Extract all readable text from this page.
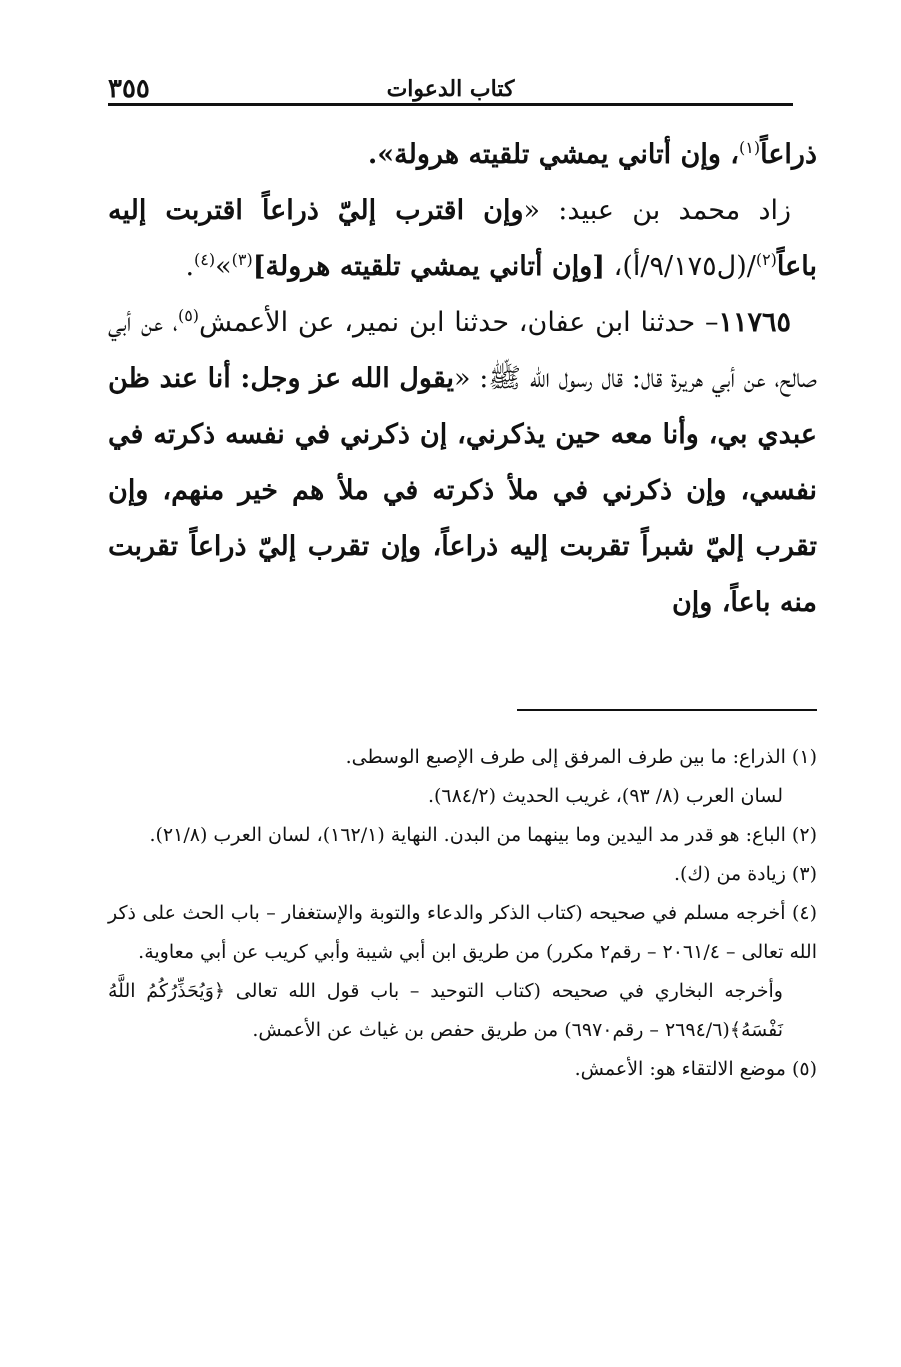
كتاب الدعوات
٣٥٥

ذراعاً$^{(١)}$، وإن أتاني يمشي تلقيته هرولة».

زاد محمد بن عبيد: «وإن اقترب إليّ ذراعاً اقتربت إليه باعاً$^{(٢)}$/(ل٩/١٧٥/أ)، [وإن أتاني يمشي تلقيته هرولة]$^{(٣)}$»$^{(٤)}$.

١١٧٦٥– حدثنا ابن عفان، حدثنا ابن نمير، عن الأعمش$^{(٥)}$، عن أبي صالح، عن أبي هريرة قال: قال رسول الله ﷺ: «يقول الله عز وجل: أنا عند ظن عبدي بي، وأنا معه حين يذكرني، إن ذكرني في نفسه ذكرته في نفسي، وإن ذكرني في ملأ ذكرته في ملأ هم خير منهم، وإن تقرب إليّ شبراً تقربت إليه ذراعاً، وإن تقرب إليّ ذراعاً تقربت منه باعاً، وإن

(١) الذراع: ما بين طرف المرفق إلى طرف الإصبع الوسطى.

لسان العرب (٨/ ٩٣)، غريب الحديث (٦٨٤/٢).

(٢) الباع: هو قدر مد اليدين وما بينهما من البدن. النهاية (١٦٢/١)، لسان العرب (٢١/٨).

(٣) زيادة من (ك).

(٤) أخرجه مسلم في صحيحه (كتاب الذكر والدعاء والتوبة والإستغفار – باب الحث على ذكر الله تعالى – ٢٠٦١/٤ – رقم٢ مكرر) من طريق ابن أبي شيبة وأبي كريب عن أبي معاوية.

وأخرجه البخاري في صحيحه (كتاب التوحيد – باب قول الله تعالى ﴿وَيُحَذِّرُكُمُ اللَّهُ نَفْسَهُ﴾(٢٦٩٤/٦ – رقم٦٩٧٠) من طريق حفص بن غياث عن الأعمش.

(٥) موضع الالتقاء هو: الأعمش.
